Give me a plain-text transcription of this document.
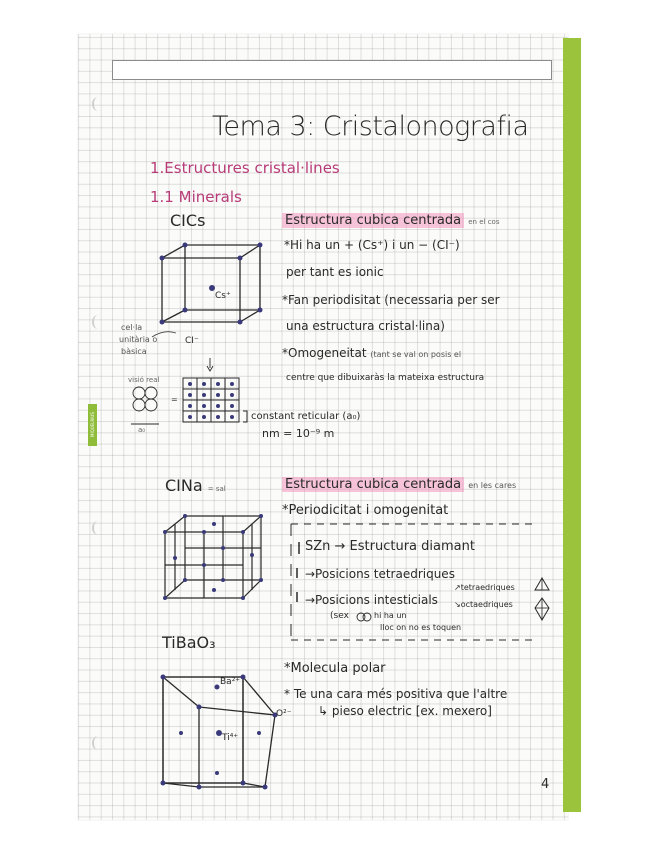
MIQUELRIUS
Tema 3: Cristalonografia
1.Estructures cristal·lines
1.1 Minerals
CICs	Estructura cubica centrada en el cos
*Hi ha un + (Cs⁺) i un − (CI⁻)
per tant es ionic
*Fan periodisitat (necessaria per ser
una estructura cristal·lina)
*Omogeneitat (tant se val on posis el
centre que dibuixaràs la mateixa estructura
Cs⁺
CI⁻
cel·la
unitària o
bàsica
visió real
=
a₀
constant reticular (a₀)
nm = 10⁻⁹ m
CINa = sal	Estructura cubica centrada en les cares
*Periodicitat i omogenitat
SZn → Estructura diamant
→Posicions tetraedriques
→Posicions intesticials
↗tetraedriques
↘octaedriques
(sex	hi ha un
lloc on no es toquen
TiBaO₃
*Molecula polar
* Te una cara més positiva que l'altre
↳ pieso electric [ex. mexero]
Ba²⁺
Ti⁴⁺
O²⁻
4
